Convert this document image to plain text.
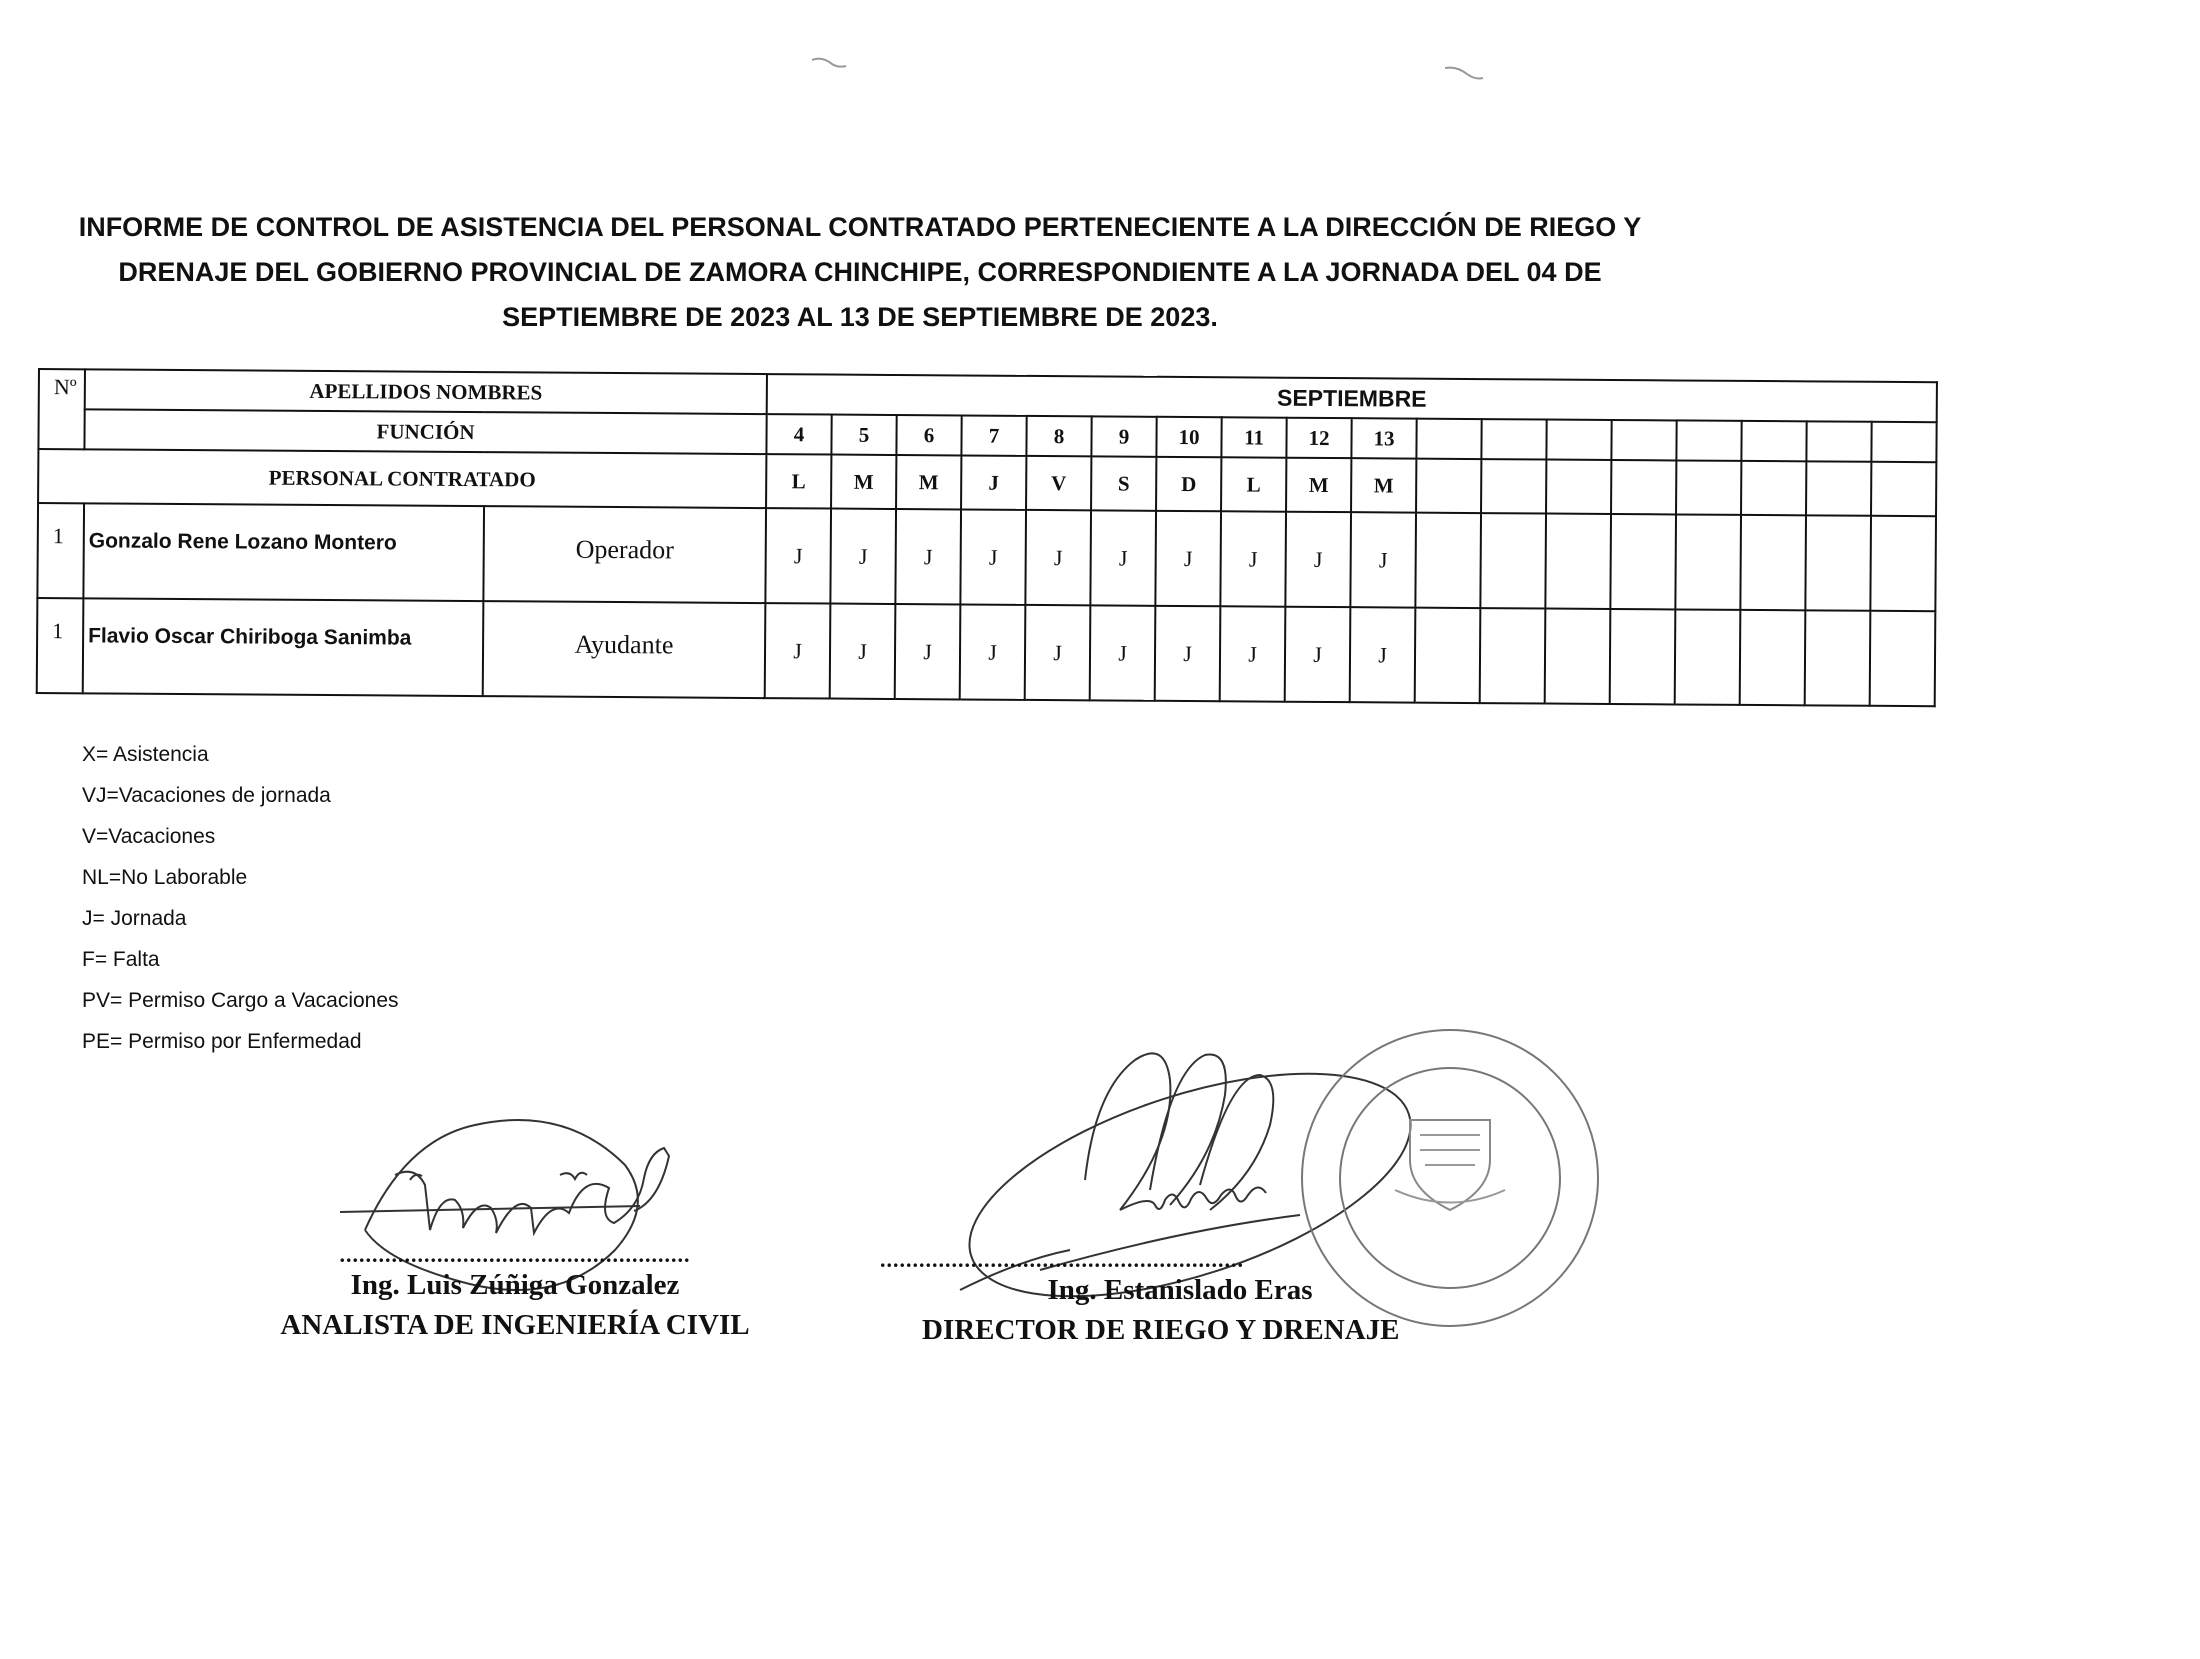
INFORME DE CONTROL DE ASISTENCIA DEL PERSONAL CONTRATADO PERTENECIENTE A LA DIRECCIÓN DE RIEGO Y
DRENAJE DEL GOBIERNO PROVINCIAL DE ZAMORA CHINCHIPE, CORRESPONDIENTE A LA JORNADA DEL 04 DE
SEPTIEMBRE DE 2023 AL 13 DE SEPTIEMBRE DE 2023.
Nº	APELLIDOS NOMBRES		SEPTIEMBRE																	
	FUNCIÓN		4	5	6	7	8	9	10	11	12	13								
PERSONAL CONTRATADO			L	M	M	J	V	S	D	L	M	M								
1	Gonzalo Rene Lozano Montero	Operador	J	J	J	J	J	J	J	J	J	J								
1	Flavio Oscar Chiriboga Sanimba	Ayudante	J	J	J	J	J	J	J	J	J	J								
X= Asistencia
VJ=Vacaciones de jornada
V=Vacaciones
NL=No Laborable
J= Jornada
F= Falta
PV= Permiso Cargo a Vacaciones
PE= Permiso por Enfermedad
......................................................
Ing. Luis Zúñiga Gonzalez
ANALISTA DE INGENIERÍA CIVIL
........................................................
Ing. Estanislado Eras
DIRECTOR DE RIEGO Y DRENAJE
